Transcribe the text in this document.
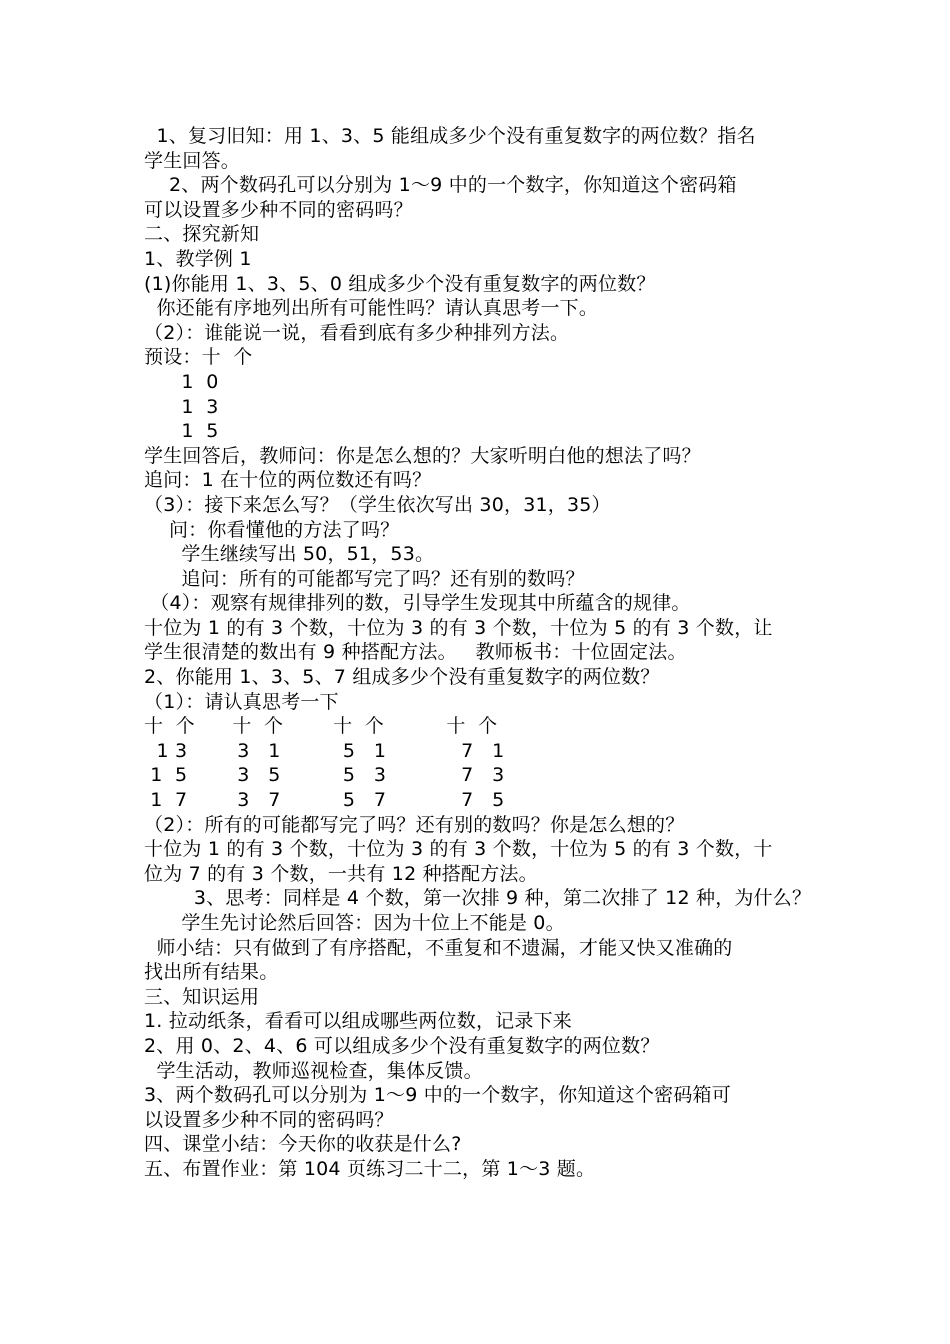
1、复习旧知：用 1、3、5 能组成多少个没有重复数字的两位数？指名
学生回答。
2、两个数码孔可以分别为 1～9 中的一个数字，你知道这个密码箱
可以设置多少种不同的密码吗？
二、探究新知
1、教学例 1
(1)你能用 1、3、5、0 组成多少个没有重复数字的两位数？
你还能有序地列出所有可能性吗？请认真思考一下。
（2）：谁能说一说，看看到底有多少种排列方法。
预设：十  个
1  0
1  3
1  5
学生回答后，教师问：你是怎么想的？大家听明白他的想法了吗？
追问：1 在十位的两位数还有吗？
（3）：接下来怎么写？（学生依次写出 30，31，35）
问：你看懂他的方法了吗？
学生继续写出 50，51，53。
追问：所有的可能都写完了吗？还有别的数吗？
（4）：观察有规律排列的数，引导学生发现其中所蕴含的规律。
十位为 1 的有 3 个数，十位为 3 的有 3 个数，十位为 5 的有 3 个数，让
学生很清楚的数出有 9 种搭配方法。   教师板书：十位固定法。
2、你能用 1、3、5、7 组成多少个没有重复数字的两位数？
（1）：请认真思考一下
十  个      十  个        十  个          十  个
1 3        3   1          5   1            7   1
1  5        3   5          5   3            7   3
1  7        3   7          5   7            7   5
（2）：所有的可能都写完了吗？还有别的数吗？你是怎么想的？
十位为 1 的有 3 个数，十位为 3 的有 3 个数，十位为 5 的有 3 个数，十
位为 7 的有 3 个数，一共有 12 种搭配方法。
3、思考：同样是 4 个数，第一次排 9 种，第二次排了 12 种，为什么？
学生先讨论然后回答：因为十位上不能是 0。
师小结：只有做到了有序搭配，不重复和不遗漏，才能又快又准确的
找出所有结果。
三、知识运用
1. 拉动纸条，看看可以组成哪些两位数，记录下来
2、用 0、2、4、6 可以组成多少个没有重复数字的两位数？
学生活动，教师巡视检查，集体反馈。
3、两个数码孔可以分别为 1～9 中的一个数字，你知道这个密码箱可
以设置多少种不同的密码吗？
四、课堂小结：今天你的收获是什么?
五、布置作业：第 104 页练习二十二，第 1～3 题。
